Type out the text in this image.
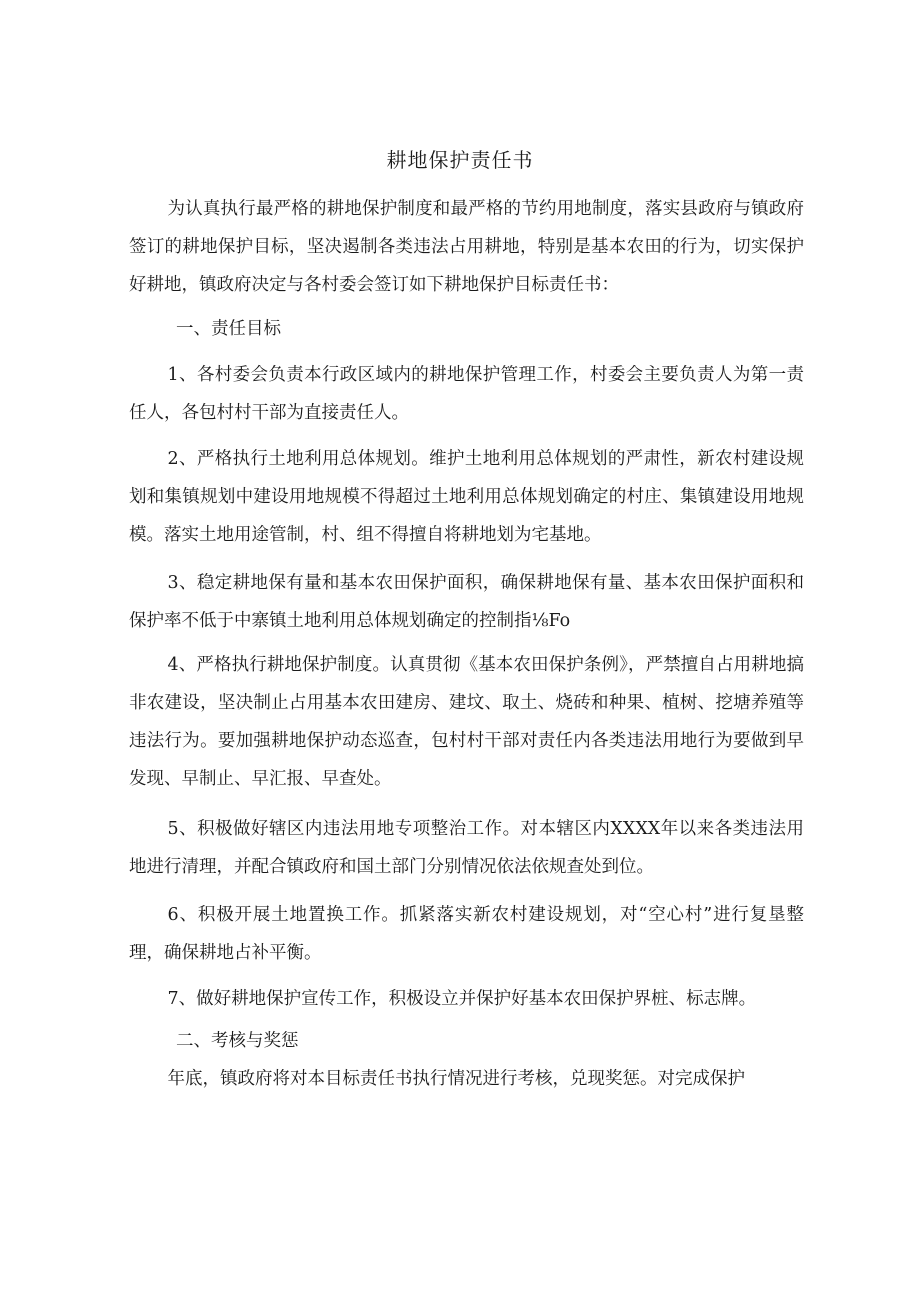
耕地保护责任书

为认真执行最严格的耕地保护制度和最严格的节约用地制度，落实县政府与镇政府签订的耕地保护目标，坚决遏制各类违法占用耕地，特别是基本农田的行为，切实保护好耕地，镇政府决定与各村委会签订如下耕地保护目标责任书：

一、责任目标

1、各村委会负责本行政区域内的耕地保护管理工作，村委会主要负责人为第一责任人，各包村村干部为直接责任人。

2、严格执行土地利用总体规划。维护土地利用总体规划的严肃性，新农村建设规划和集镇规划中建设用地规模不得超过土地利用总体规划确定的村庄、集镇建设用地规模。落实土地用途管制，村、组不得擅自将耕地划为宅基地。

3、稳定耕地保有量和基本农田保护面积，确保耕地保有量、基本农田保护面积和保护率不低于中寨镇土地利用总体规划确定的控制指⅛Fo

4、严格执行耕地保护制度。认真贯彻《基本农田保护条例》，严禁擅自占用耕地搞非农建设，坚决制止占用基本农田建房、建坟、取土、烧砖和种果、植树、挖塘养殖等违法行为。要加强耕地保护动态巡查，包村村干部对责任内各类违法用地行为要做到早发现、早制止、早汇报、早查处。

5、积极做好辖区内违法用地专项整治工作。对本辖区内XXXX年以来各类违法用地进行清理，并配合镇政府和国土部门分别情况依法依规查处到位。

6、积极开展土地置换工作。抓紧落实新农村建设规划，对“空心村”进行复垦整理，确保耕地占补平衡。

7、做好耕地保护宣传工作，积极设立并保护好基本农田保护界桩、标志牌。

二、考核与奖惩

年底，镇政府将对本目标责任书执行情况进行考核，兑现奖惩。对完成保护
